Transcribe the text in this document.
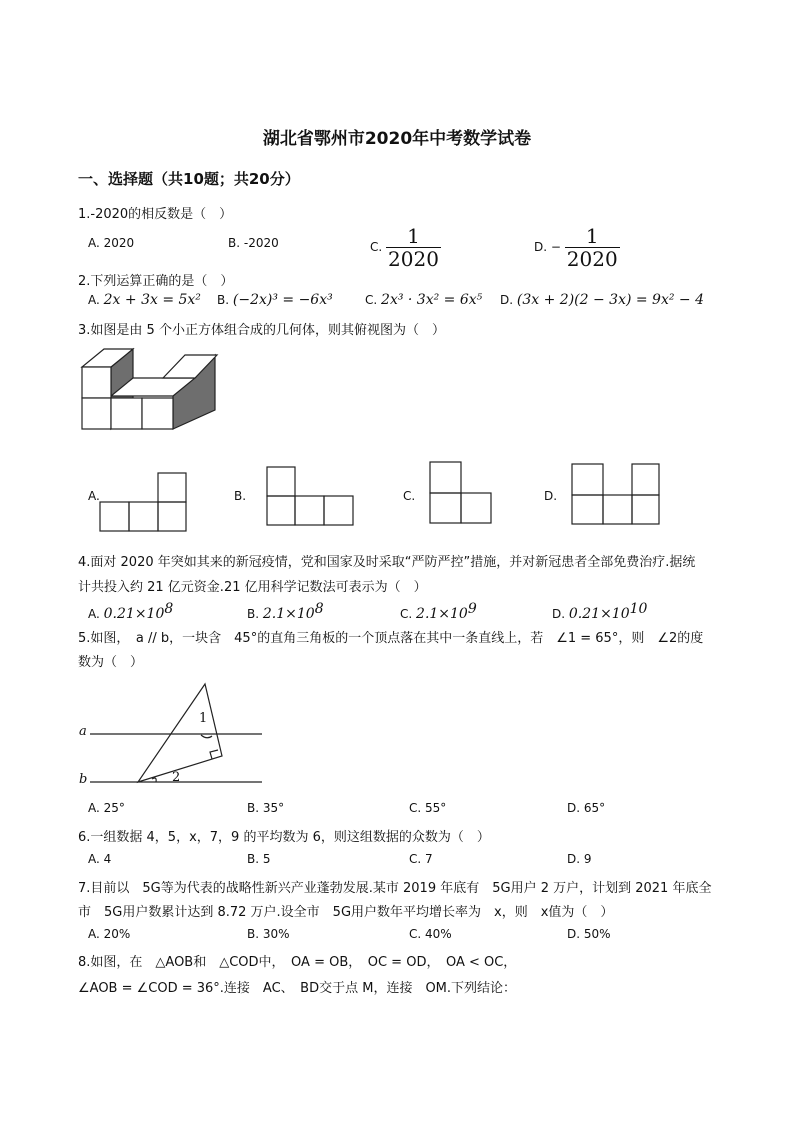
湖北省鄂州市2020年中考数学试卷
一、选择题（共10题；共20分）
1.-2020的相反数是（　）
A. 2020	B. -2020	C. $\frac{1}{2020}$	D. − $\frac{1}{2020}$
2.下列运算正确的是（　）
A. 2x + 3x = 5x² B. (−2x)³ = −6x³	C. 2x³ · 3x² = 6x⁵ D. (3x + 2)(2 − 3x) = 9x² − 4
3.如图是由 5 个小正方体组合成的几何体，则其俯视图为（　）
A.	B.	C.	D.
4.面对 2020 年突如其来的新冠疫情，党和国家及时采取“严防严控”措施，并对新冠患者全部免费治疗.据统
计共投入约 21 亿元资金.21 亿用科学记数法可表示为（　）
A. $0.21\times 10^8$	B. $2.1\times 10^8$	C. $2.1\times 10^9$	D. $0.21\times 10^{10}$
5.如图，　a // b，一块含　45°的直角三角板的一个顶点落在其中一条直线上，若　∠1 = 65°，则　∠2的度
数为（　）
a
b
1
2
A. 25°	B. 35°	C. 55°	D. 65°
6.一组数据 4，5，x，7，9 的平均数为 6，则这组数据的众数为（　）
A. 4	B. 5	C. 7	D. 9
7.目前以　5G等为代表的战略性新兴产业蓬勃发展.某市 2019 年底有　5G用户 2 万户，计划到 2021 年底全
市　5G用户数累计达到 8.72 万户.设全市　5G用户数年平均增长率为　x，则　x值为（　）
A. 20%	B. 30%	C. 40%	D. 50%
8.如图，在　△AOB和　△COD中，　OA = OB，　OC = OD，　OA < OC，
∠AOB = ∠COD = 36°.连接　AC、　BD交于点 M，连接　OM.下列结论：
